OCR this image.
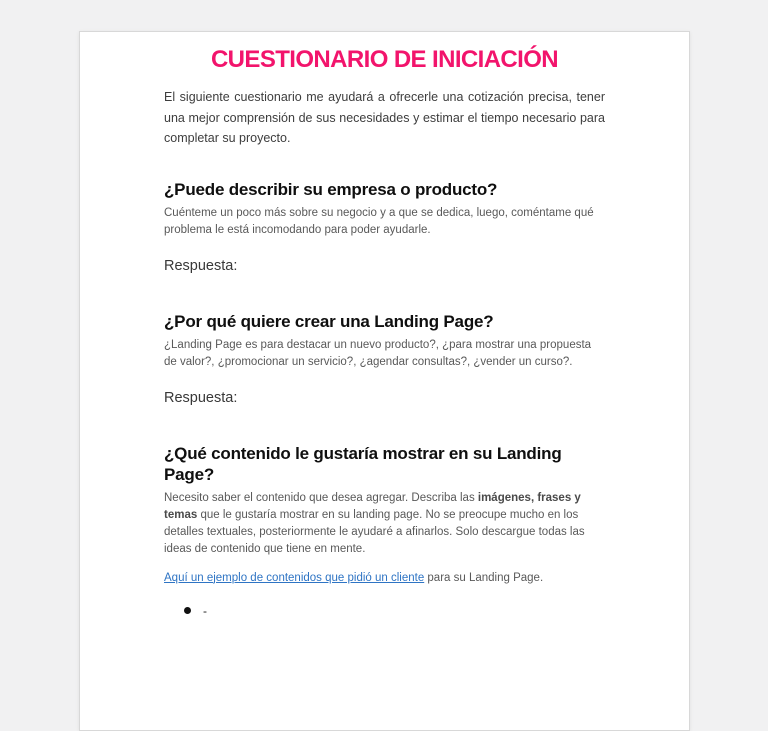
CUESTIONARIO DE INICIACIÓN

El siguiente cuestionario me ayudará a ofrecerle una cotización precisa, tener una mejor comprensión de sus necesidades y estimar el tiempo necesario para completar su proyecto.

¿Puede describir su empresa o producto?

Cuénteme un poco más sobre su negocio y a que se dedica, luego, coméntame qué problema le está incomodando para poder ayudarle.

Respuesta:

¿Por qué quiere crear una Landing Page?

¿Landing Page es para destacar un nuevo producto?, ¿para mostrar una propuesta de valor?, ¿promocionar un servicio?, ¿agendar consultas?, ¿vender un curso?.

Respuesta:

¿Qué contenido le gustaría mostrar en su Landing Page?

Necesito saber el contenido que desea agregar. Describa las imágenes, frases y temas que le gustaría mostrar en su landing page. No se preocupe mucho en los detalles textuales, posteriormente le ayudaré a afinarlos. Solo descargue todas las ideas de contenido que tiene en mente.

Aquí un ejemplo de contenidos que pidió un cliente para su Landing Page.

-
